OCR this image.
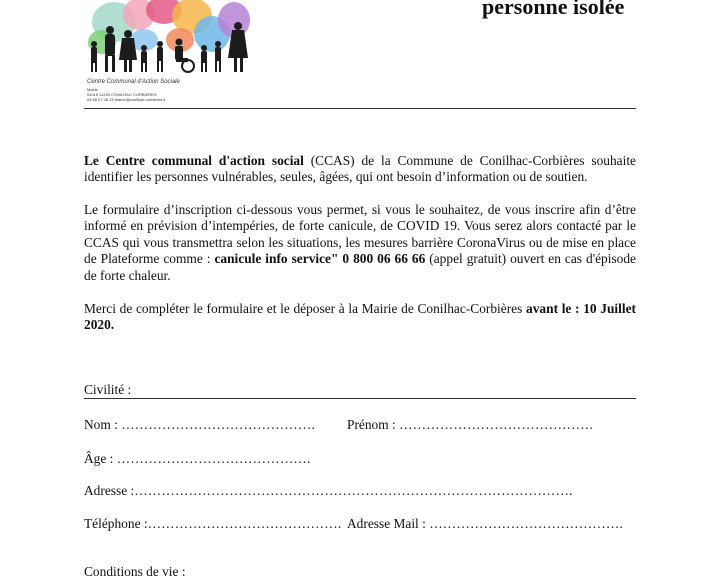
Centre Communal d'Action Sociale
Mairie
04015 11200 CONILHAC CORBIERES
04 68 27 08 15 mairie@conilhac-corbieres.fr
personne isolée
Le Centre communal d'action social (CCAS) de la Commune de Conilhac-Corbières souhaite identifier les personnes vulnérables, seules, âgées, qui ont besoin d’information ou de soutien.
Le formulaire d’inscription ci-dessous vous permet, si vous le souhaitez, de vous inscrire afin d’être informé en prévision d’intempéries, de forte canicule, de COVID 19. Vous serez alors contacté par le CCAS qui vous transmettra selon les situations, les mesures barrière CoronaVirus ou de mise en place de Plateforme comme : canicule info service" 0 800 06 66 66 (appel gratuit) ouvert en cas d'épisode de forte chaleur.
Merci de compléter le formulaire et le déposer à la Mairie de Conilhac-Corbières avant le : 10 Juillet 2020.
Civilité :
Nom : ……………………………………. Prénom : …………………………………….
Âge : …………………………………….
Adresse :…………………………………………………………………………………….
Téléphone :……………………………………. Adresse Mail : …………………………………….
Conditions de vie :
